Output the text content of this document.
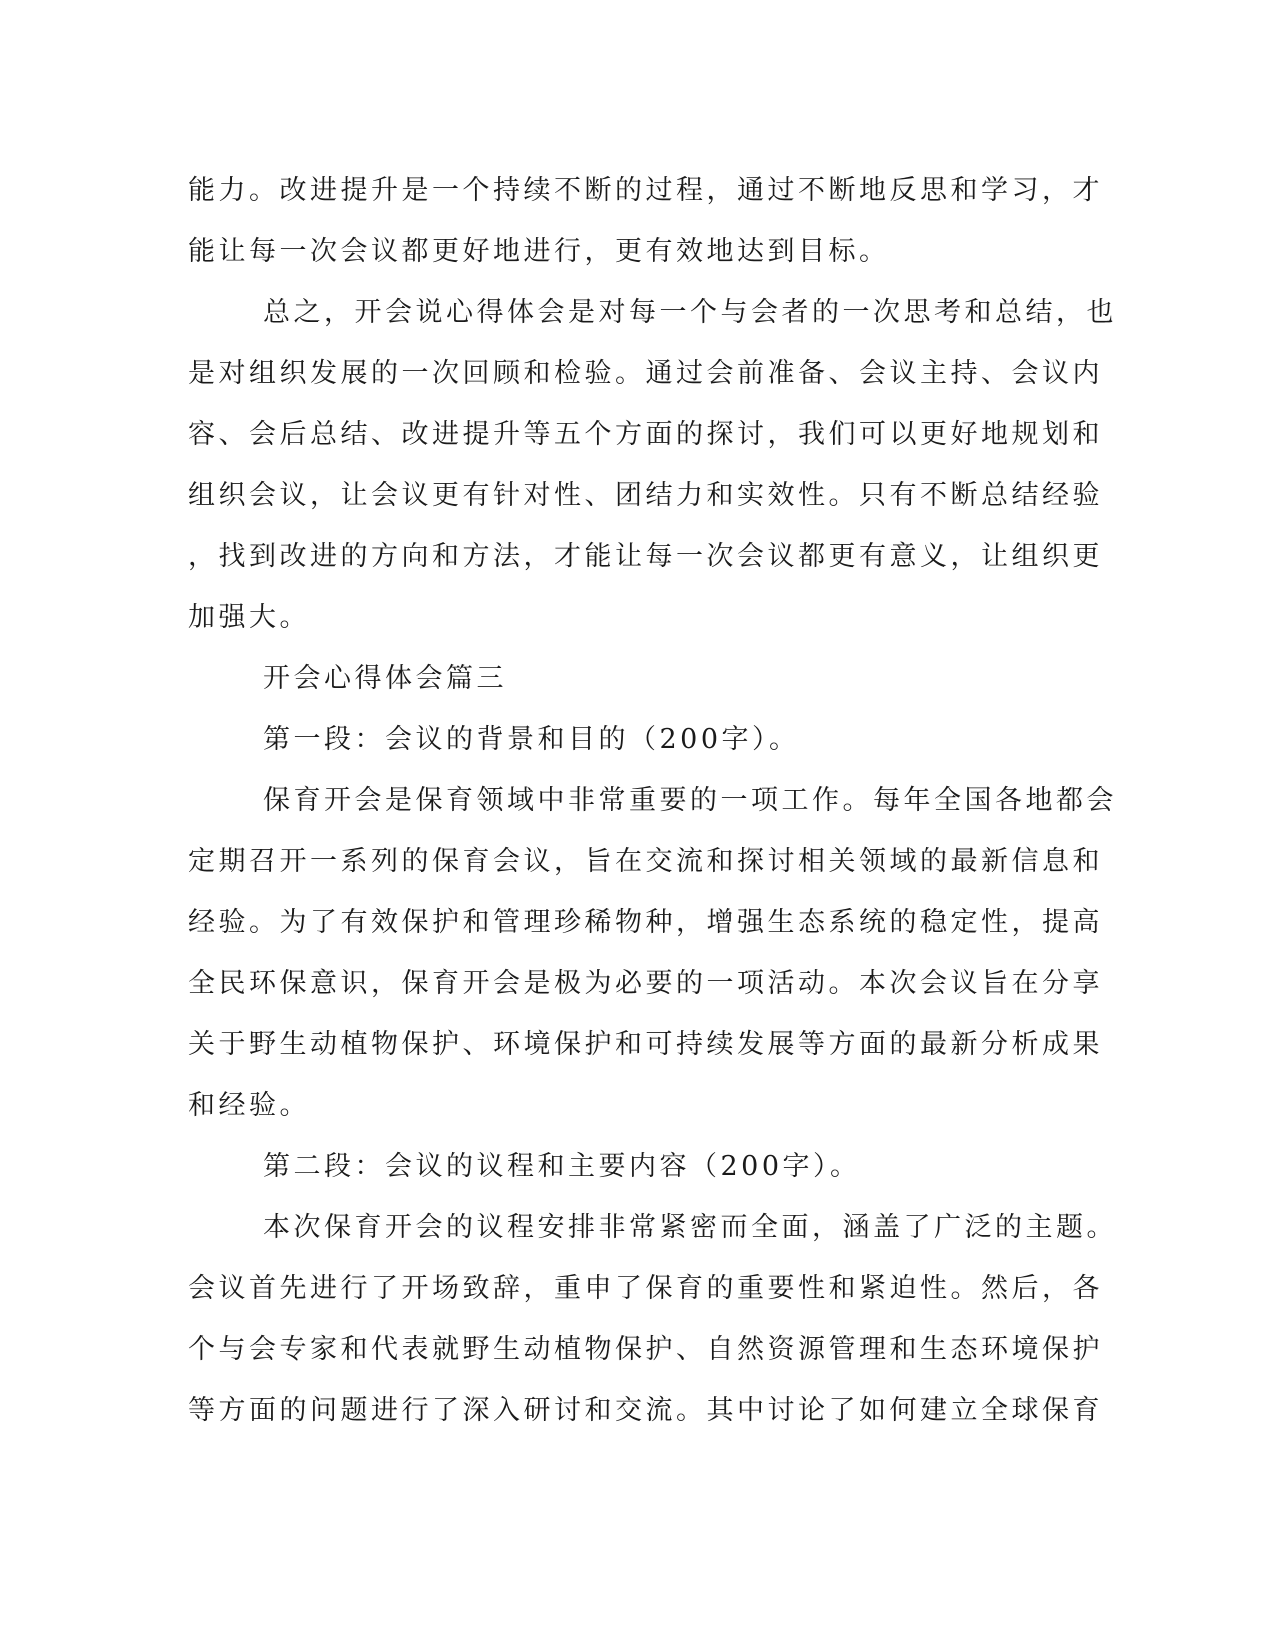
能力。改进提升是一个持续不断的过程，通过不断地反思和学习，才
能让每一次会议都更好地进行，更有效地达到目标。
总之，开会说心得体会是对每一个与会者的一次思考和总结，也
是对组织发展的一次回顾和检验。通过会前准备、会议主持、会议内
容、会后总结、改进提升等五个方面的探讨，我们可以更好地规划和
组织会议，让会议更有针对性、团结力和实效性。只有不断总结经验
，找到改进的方向和方法，才能让每一次会议都更有意义，让组织更
加强大。
开会心得体会篇三
第一段：会议的背景和目的（200字）。
保育开会是保育领域中非常重要的一项工作。每年全国各地都会
定期召开一系列的保育会议，旨在交流和探讨相关领域的最新信息和
经验。为了有效保护和管理珍稀物种，增强生态系统的稳定性，提高
全民环保意识，保育开会是极为必要的一项活动。本次会议旨在分享
关于野生动植物保护、环境保护和可持续发展等方面的最新分析成果
和经验。
第二段：会议的议程和主要内容（200字）。
本次保育开会的议程安排非常紧密而全面，涵盖了广泛的主题。
会议首先进行了开场致辞，重申了保育的重要性和紧迫性。然后，各
个与会专家和代表就野生动植物保护、自然资源管理和生态环境保护
等方面的问题进行了深入研讨和交流。其中讨论了如何建立全球保育
